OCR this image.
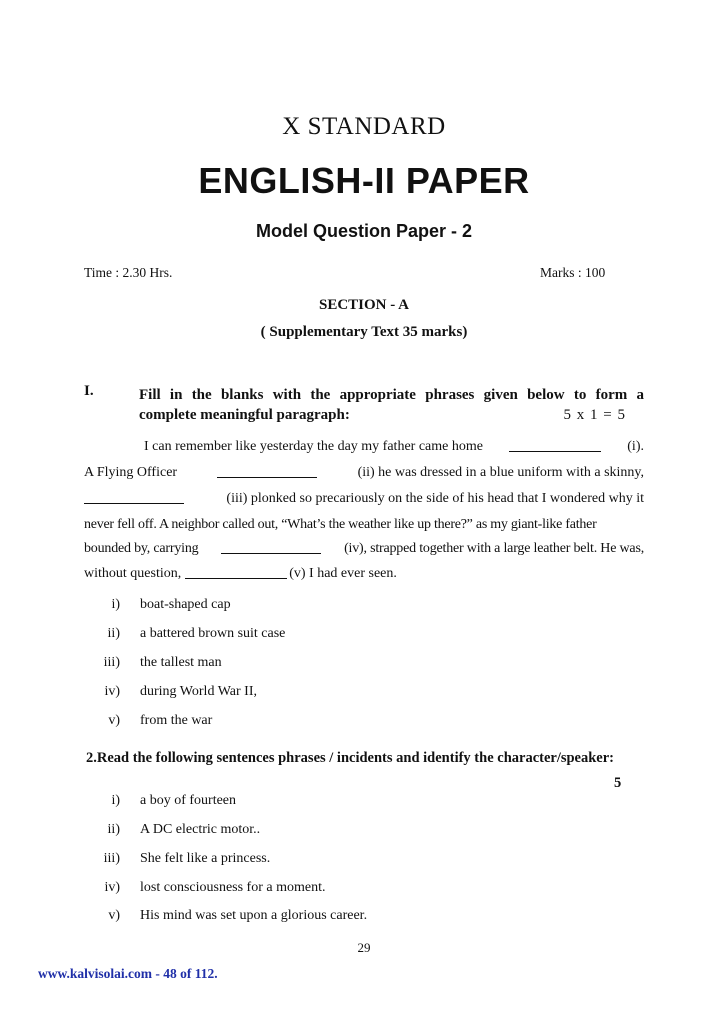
X STANDARD
ENGLISH-II PAPER
Model Question Paper - 2
Time : 2.30 Hrs.	Marks : 100
SECTION - A
( Supplementary Text 35 marks)
I.	Fill in the blanks with the appropriate phrases given below to form a
complete meaningful paragraph:	5 x 1 = 5
I can remember like yesterday the day my father came home	(i).
A Flying Officer	(ii) he was dressed in a blue uniform with a skinny,
(iii) plonked so precariously on the side of his head that I wondered why it
never fell off. A neighbor called out, “What’s the weather like up there?” as my giant-like father
bounded by, carrying	(iv), strapped together with a large leather belt. He was,
without question,	(v) I had ever seen.
i) boat-shaped cap
ii) a battered brown suit case
iii) the tallest man
iv) during World War II,
v) from the war
2.Read the following sentences phrases / incidents and identify the character/speaker:
5
i) a boy of fourteen
ii) A DC electric motor..
iii) She felt like a princess.
iv) lost consciousness for a moment.
v) His mind was set upon a glorious career.
29
www.kalvisolai.com - 48 of 112.
